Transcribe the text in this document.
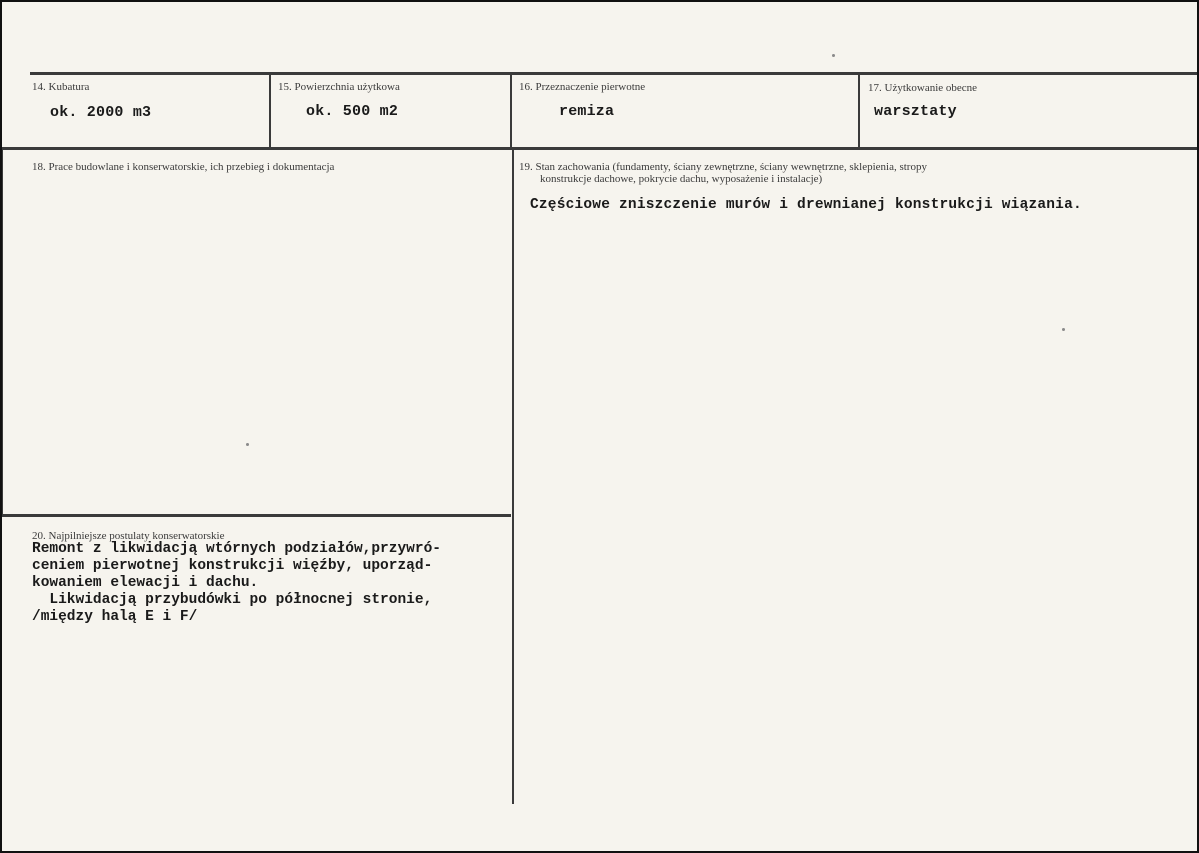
14. Kubatura
ok. 2000 m3
15. Powierzchnia użytkowa
ok. 500 m2
16. Przeznaczenie pierwotne
remiza
17. Użytkowanie obecne
warsztaty
18. Prace budowlane i konserwatorskie, ich przebieg i dokumentacja	19. Stan zachowania (fundamenty, ściany zewnętrzne, ściany wewnętrzne, sklepienia, stropy
konstrukcje dachowe, pokrycie dachu, wyposażenie i instalacje)
Częściowe zniszczenie murów i drewnianej konstrukcji wiązania.
20. Najpilniejsze postulaty konserwatorskie
Remont z likwidacją wtórnych podziałów,przywró-
ceniem pierwotnej konstrukcji więźby, uporząd-
kowaniem elewacji i dachu.
Likwidacją przybudówki po północnej stronie,
/między halą E i F/
